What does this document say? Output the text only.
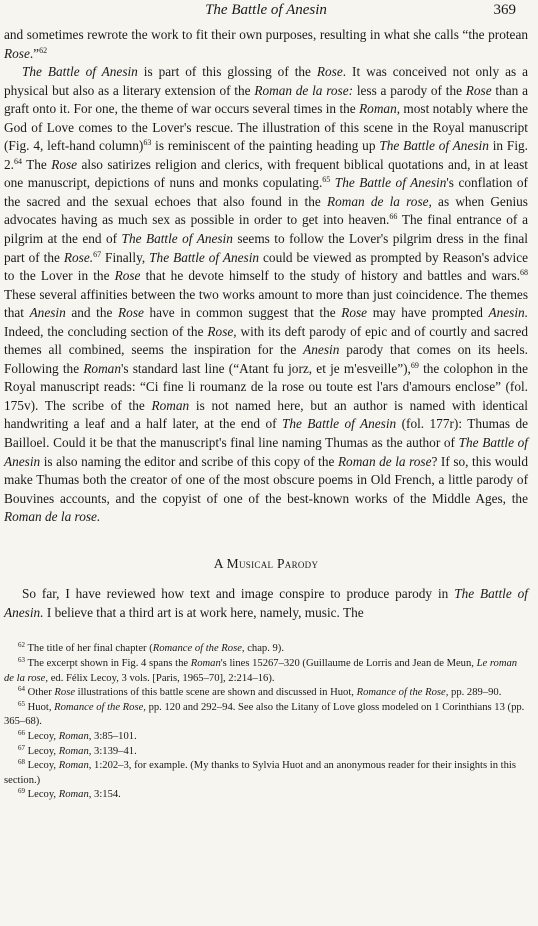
The Battle of Anesin	369

and sometimes rewrote the work to fit their own purposes, resulting in what she calls “the protean Rose.”$^{62}$

The Battle of Anesin is part of this glossing of the Rose. It was conceived not only as a physical but also as a literary extension of the Roman de la rose: less a parody of the Rose than a graft onto it. For one, the theme of war occurs several times in the Roman, most notably where the God of Love comes to the Lover's rescue. The illustration of this scene in the Royal manuscript (Fig. 4, left-hand column)$^{63}$ is reminiscent of the painting heading up The Battle of Anesin in Fig. 2.64 The Rose also satirizes religion and clerics, with frequent biblical quotations and, in at least one manuscript, depictions of nuns and monks copulating.$^{65}$ The Battle of Anesin's conflation of the sacred and the sexual echoes that also found in the Roman de la rose, as when Genius advocates having as much sex as possible in order to get into heaven.$^{66}$ The final entrance of a pilgrim at the end of The Battle of Anesin seems to follow the Lover's pilgrim dress in the final part of the Rose.$^{67}$ Finally, The Battle of Anesin could be viewed as prompted by Reason's advice to the Lover in the Rose that he devote himself to the study of history and battles and wars.$^{68}$ These several affinities between the two works amount to more than just coincidence. The themes that Anesin and the Rose have in common suggest that the Rose may have prompted Anesin. Indeed, the concluding section of the Rose, with its deft parody of epic and of courtly and sacred themes all combined, seems the inspiration for the Anesin parody that comes on its heels. Following the Roman's standard last line (“Atant fu jorz, et je m'esveille”),$^{69}$ the colophon in the Royal manuscript reads: “Ci fine li roumanz de la rose ou toute est l'ars d'amours enclose” (fol. 175v). The scribe of the Roman is not named here, but an author is named with identical handwriting a leaf and a half later, at the end of The Battle of Anesin (fol. 177r): Thumas de Bailloel. Could it be that the manuscript's final line naming Thumas as the author of The Battle of Anesin is also naming the editor and scribe of this copy of the Roman de la rose? If so, this would make Thumas both the creator of one of the most obscure poems in Old French, a little parody of Bouvines accounts, and the copyist of one of the best-known works of the Middle Ages, the Roman de la rose.

A Musical Parody

So far, I have reviewed how text and image conspire to produce parody in The Battle of Anesin. I believe that a third art is at work here, namely, music. The

$^{62}$ The title of her final chapter (Romance of the Rose, chap. 9).

$^{63}$ The excerpt shown in Fig. 4 spans the Roman's lines 15267–320 (Guillaume de Lorris and Jean de Meun, Le roman de la rose, ed. Félix Lecoy, 3 vols. [Paris, 1965–70], 2:214–16).

$^{64}$ Other Rose illustrations of this battle scene are shown and discussed in Huot, Romance of the Rose, pp. 289–90.

$^{65}$ Huot, Romance of the Rose, pp. 120 and 292–94. See also the Litany of Love gloss modeled on 1 Corinthians 13 (pp. 365–68).

$^{66}$ Lecoy, Roman, 3:85–101.

$^{67}$ Lecoy, Roman, 3:139–41.

$^{68}$ Lecoy, Roman, 1:202–3, for example. (My thanks to Sylvia Huot and an anonymous reader for their insights in this section.)

$^{69}$ Lecoy, Roman, 3:154.
